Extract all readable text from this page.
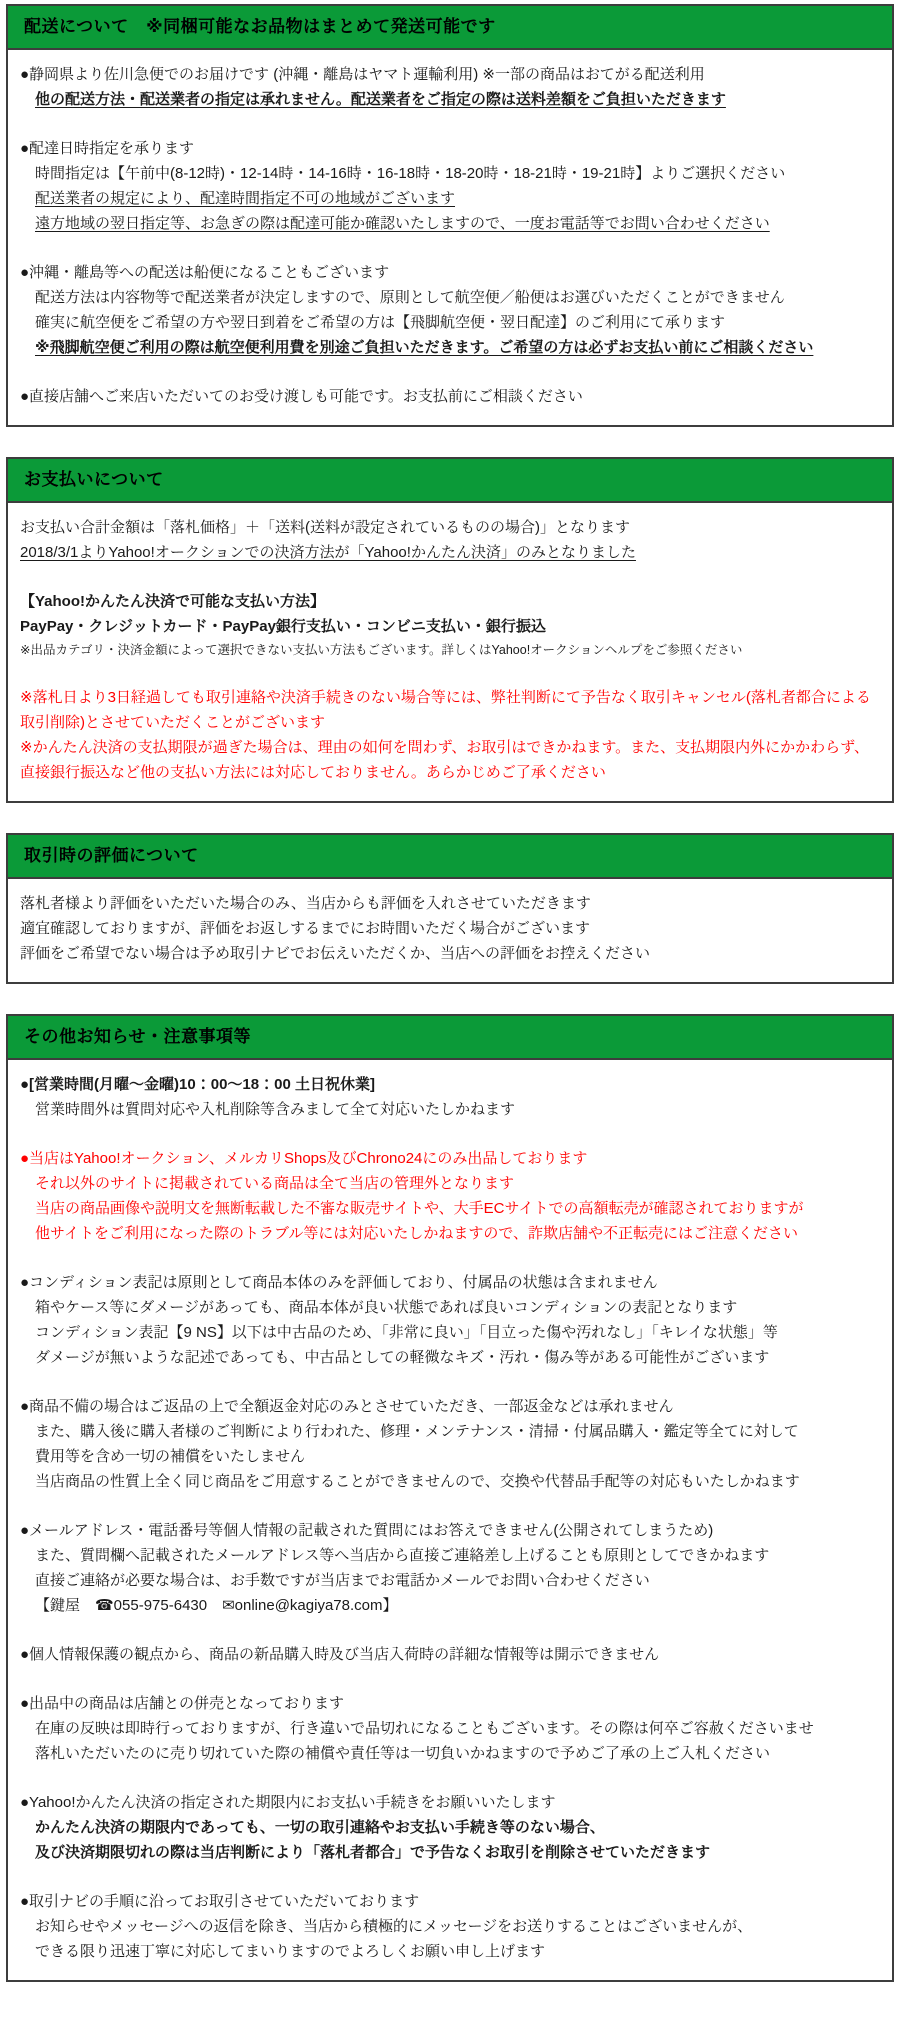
配送について　※同梱可能なお品物はまとめて発送可能です
●静岡県より佐川急便でのお届けです (沖縄・離島はヤマト運輸利用) ※一部の商品はおてがる配送利用
他の配送方法・配送業者の指定は承れません。配送業者をご指定の際は送料差額をご負担いただきます
●配達日時指定を承ります
時間指定は【午前中(8-12時)・12-14時・14-16時・16-18時・18-20時・18-21時・19-21時】よりご選択ください
配送業者の規定により、配達時間指定不可の地域がございます
遠方地域の翌日指定等、お急ぎの際は配達可能か確認いたしますので、一度お電話等でお問い合わせください
●沖縄・離島等への配送は船便になることもございます
配送方法は内容物等で配送業者が決定しますので、原則として航空便／船便はお選びいただくことができません
確実に航空便をご希望の方や翌日到着をご希望の方は【飛脚航空便・翌日配達】のご利用にて承ります
※飛脚航空便ご利用の際は航空便利用費を別途ご負担いただきます。ご希望の方は必ずお支払い前にご相談ください
●直接店舗へご来店いただいてのお受け渡しも可能です。お支払前にご相談ください
お支払いについて
お支払い合計金額は「落札価格」＋「送料(送料が設定されているものの場合)」となります
2018/3/1よりYahoo!オークションでの決済方法が「Yahoo!かんたん決済」のみとなりました
【Yahoo!かんたん決済で可能な支払い方法】
PayPay・クレジットカード・PayPay銀行支払い・コンビニ支払い・銀行振込
※出品カテゴリ・決済金額によって選択できない支払い方法もございます。詳しくはYahoo!オークションヘルプをご参照ください
※落札日より3日経過しても取引連絡や決済手続きのない場合等には、弊社判断にて予告なく取引キャンセル(落札者都合による取引削除)とさせていただくことがございます
※かんたん決済の支払期限が過ぎた場合は、理由の如何を問わず、お取引はできかねます。また、支払期限内外にかかわらず、直接銀行振込など他の支払い方法には対応しておりません。あらかじめご了承ください
取引時の評価について
落札者様より評価をいただいた場合のみ、当店からも評価を入れさせていただきます
適宜確認しておりますが、評価をお返しするまでにお時間いただく場合がございます
評価をご希望でない場合は予め取引ナビでお伝えいただくか、当店への評価をお控えください
その他お知らせ・注意事項等
●[営業時間(月曜～金曜)10：00～18：00 土日祝休業]
営業時間外は質問対応や入札削除等含みまして全て対応いたしかねます
●当店はYahoo!オークション、メルカリShops及びChrono24にのみ出品しております
それ以外のサイトに掲載されている商品は全て当店の管理外となります
当店の商品画像や説明文を無断転載した不審な販売サイトや、大手ECサイトでの高額転売が確認されておりますが
他サイトをご利用になった際のトラブル等には対応いたしかねますので、詐欺店舗や不正転売にはご注意ください
●コンディション表記は原則として商品本体のみを評価しており、付属品の状態は含まれません
箱やケース等にダメージがあっても、商品本体が良い状態であれば良いコンディションの表記となります
コンディション表記【9 NS】以下は中古品のため、「非常に良い」「目立った傷や汚れなし」「キレイな状態」等
ダメージが無いような記述であっても、中古品としての軽微なキズ・汚れ・傷み等がある可能性がございます
●商品不備の場合はご返品の上で全額返金対応のみとさせていただき、一部返金などは承れません
また、購入後に購入者様のご判断により行われた、修理・メンテナンス・清掃・付属品購入・鑑定等全てに対して
費用等を含め一切の補償をいたしません
当店商品の性質上全く同じ商品をご用意することができませんので、交換や代替品手配等の対応もいたしかねます
●メールアドレス・電話番号等個人情報の記載された質問にはお答えできません(公開されてしまうため)
また、質問欄へ記載されたメールアドレス等へ当店から直接ご連絡差し上げることも原則としてできかねます
直接ご連絡が必要な場合は、お手数ですが当店までお電話かメールでお問い合わせください
【鍵屋　☎055-975-6430　✉online@kagiya78.com】
●個人情報保護の観点から、商品の新品購入時及び当店入荷時の詳細な情報等は開示できません
●出品中の商品は店舗との併売となっております
在庫の反映は即時行っておりますが、行き違いで品切れになることもございます。その際は何卒ご容赦くださいませ
落札いただいたのに売り切れていた際の補償や責任等は一切負いかねますので予めご了承の上ご入札ください
●Yahoo!かんたん決済の指定された期限内にお支払い手続きをお願いいたします
かんたん決済の期限内であっても、一切の取引連絡やお支払い手続き等のない場合、
及び決済期限切れの際は当店判断により「落札者都合」で予告なくお取引を削除させていただきます
●取引ナビの手順に沿ってお取引させていただいております
お知らせやメッセージへの返信を除き、当店から積極的にメッセージをお送りすることはございませんが、
できる限り迅速丁寧に対応してまいりますのでよろしくお願い申し上げます
